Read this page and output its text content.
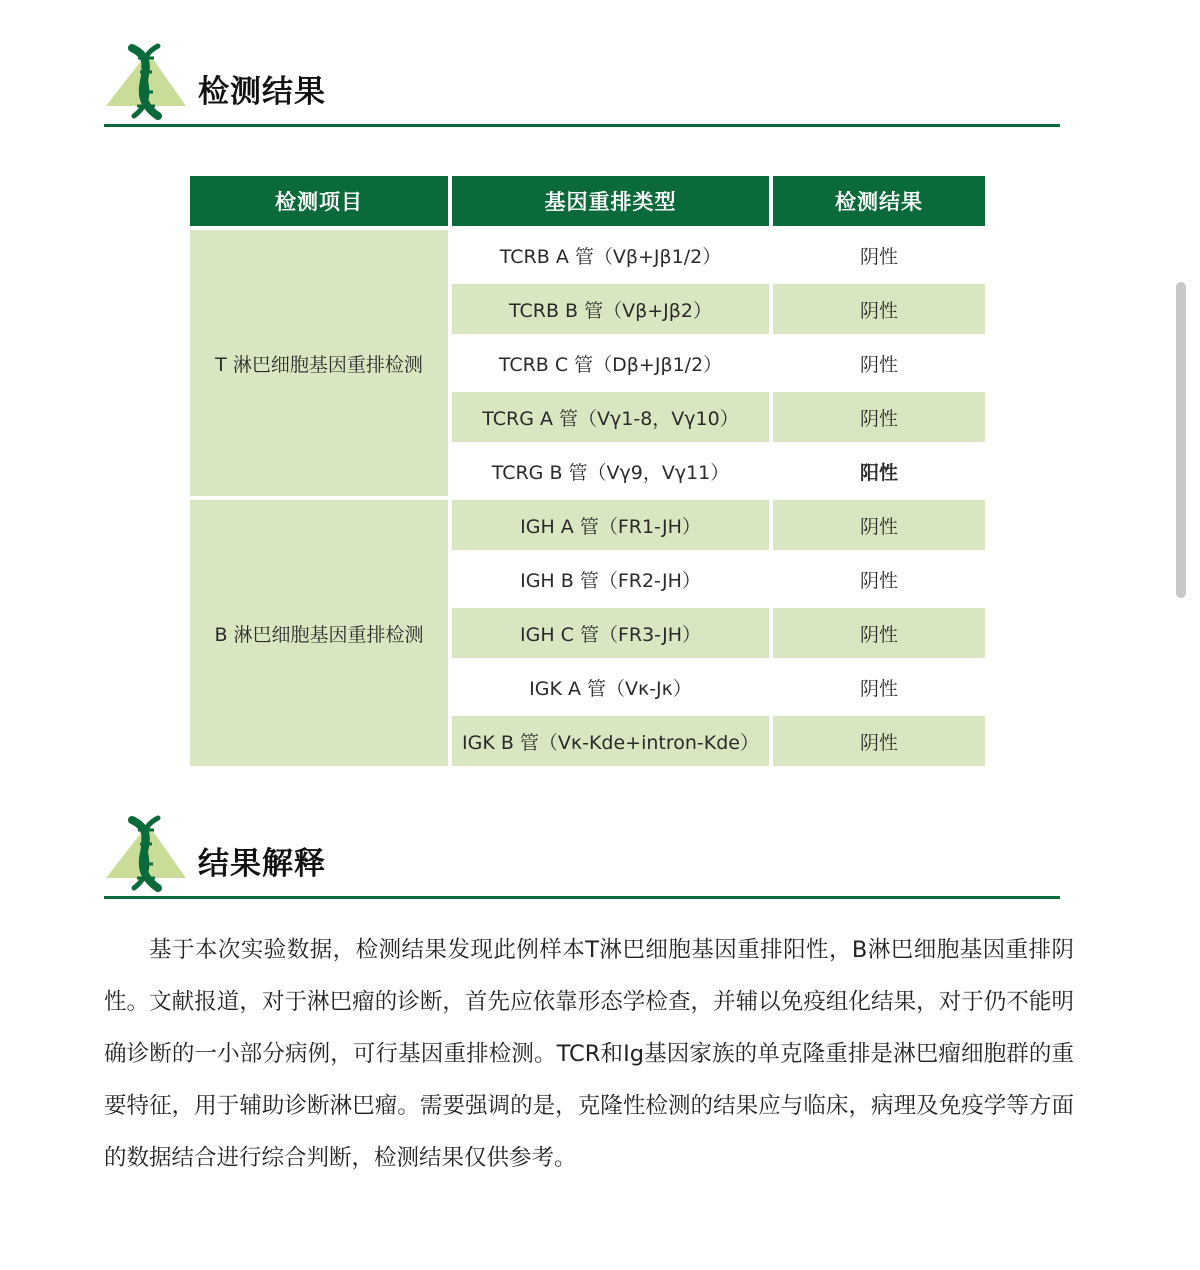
检测结果
检测项目	基因重排类型	检测结果
T 淋巴细胞基因重排检测	TCRB A 管（Vβ+Jβ1/2）	阴性
	TCRB B 管（Vβ+Jβ2）	阴性
	TCRB C 管（Dβ+Jβ1/2）	阴性
	TCRG A 管（Vγ1-8，Vγ10）	阴性
	TCRG B 管（Vγ9，Vγ11）	阳性
B 淋巴细胞基因重排检测	IGH A 管（FR1-JH）	阴性
	IGH B 管（FR2-JH）	阴性
	IGH C 管（FR3-JH）	阴性
	IGK A 管（Vκ-Jκ）	阴性
	IGK B 管（Vκ-Kde+intron-Kde）	阴性
结果解释

基于本次实验数据，检测结果发现此例样本T淋巴细胞基因重排阳性，B淋巴细胞基因重排阴性。文献报道，对于淋巴瘤的诊断，首先应依靠形态学检查，并辅以免疫组化结果，对于仍不能明确诊断的一小部分病例，可行基因重排检测。TCR和Ig基因家族的单克隆重排是淋巴瘤细胞群的重要特征，用于辅助诊断淋巴瘤。需要强调的是，克隆性检测的结果应与临床，病理及免疫学等方面的数据结合进行综合判断，检测结果仅供参考。
